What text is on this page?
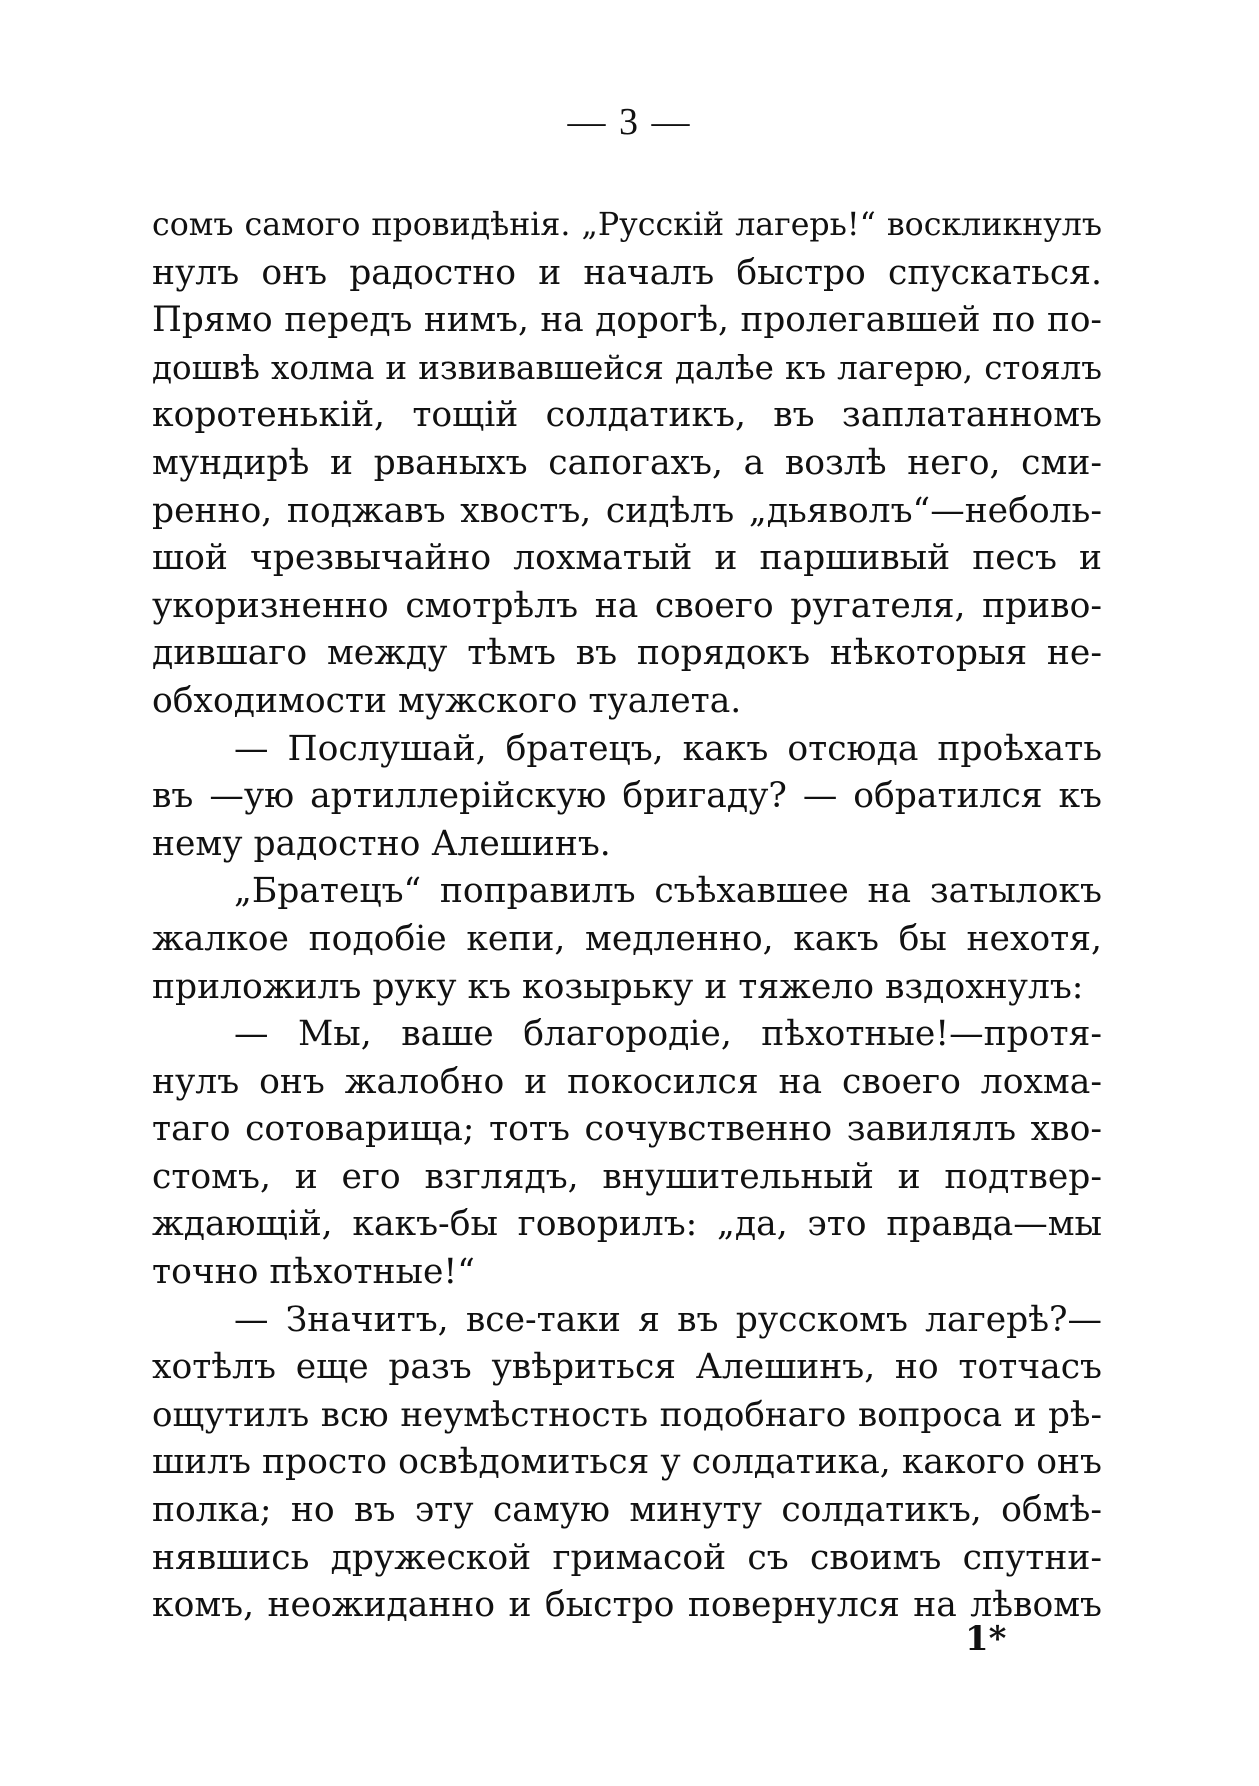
— 3 —
сомъ самого провидѣнія. „Русскій лагерь!“ воскликнулъ
нулъ онъ радостно и началъ быстро спускаться.
Прямо передъ нимъ, на дорогѣ, пролегавшей по по-
дошвѣ холма и извивавшейся далѣе къ лагерю, стоялъ
коротенькій, тощій солдатикъ, въ заплатанномъ
мундирѣ и рваныхъ сапогахъ, а возлѣ него, сми-
ренно, поджавъ хвостъ, сидѣлъ „дьяволъ“—неболь-
шой чрезвычайно лохматый и паршивый песъ и
укоризненно смотрѣлъ на своего ругателя, приво-
дившаго между тѣмъ въ порядокъ нѣкоторыя не-
обходимости мужского туалета.
— Послушай, братецъ, какъ отсюда проѣхать
въ —ую артиллерійскую бригаду? — обратился къ
нему радостно Алешинъ.
„Братецъ“ поправилъ съѣхавшее на затылокъ
жалкое подобіе кепи, медленно, какъ бы нехотя,
приложилъ руку къ козырьку и тяжело вздохнулъ:
— Мы, ваше благородіе, пѣхотные!—протя-
нулъ онъ жалобно и покосился на своего лохма-
таго сотоварища; тотъ сочувственно завилялъ хво-
стомъ, и его взглядъ, внушительный и подтвер-
ждающій, какъ-бы говорилъ: „да, это правда—мы
точно пѣхотные!“
— Значитъ, все-таки я въ русскомъ лагерѣ?—
хотѣлъ еще разъ увѣриться Алешинъ, но тотчасъ
ощутилъ всю неумѣстность подобнаго вопроса и рѣ-
шилъ просто освѣдомиться у солдатика, какого онъ
полка; но въ эту самую минуту солдатикъ, обмѣ-
нявшись дружеской гримасой съ своимъ спутни-
комъ, неожиданно и быстро повернулся на лѣвомъ
1*
